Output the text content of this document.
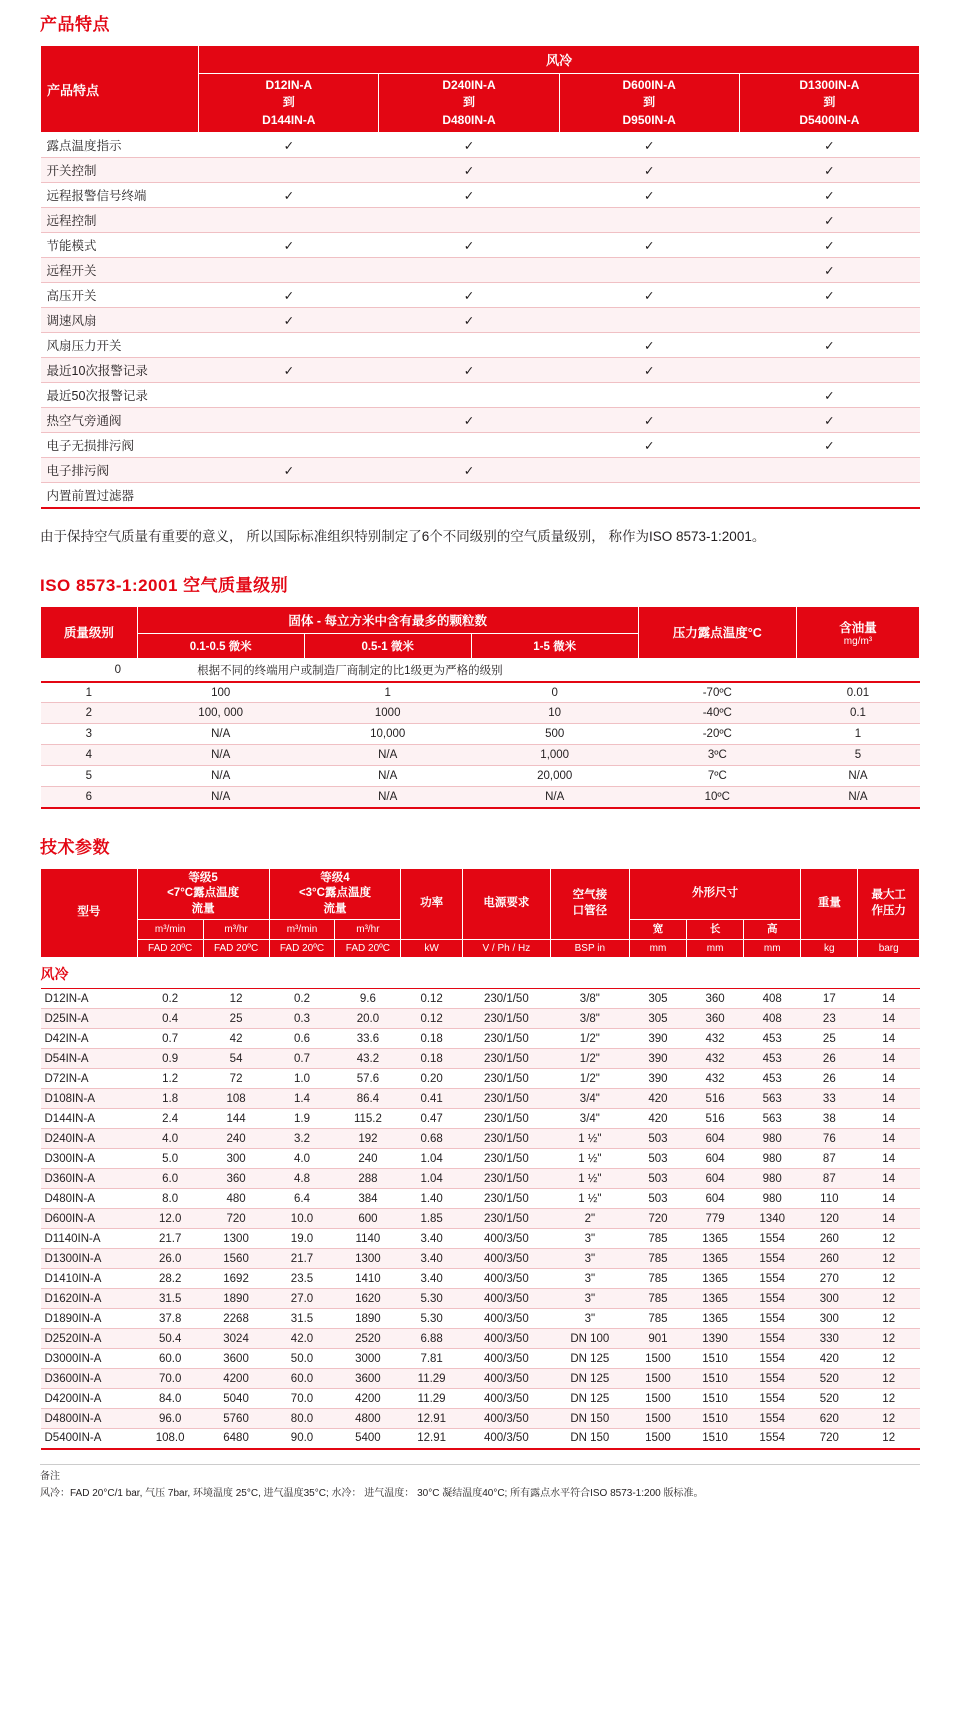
产品特点
产品特点	风冷			

D12IN-A
到
D144IN-A

D240IN-A
到
D480IN-A

D600IN-A
到
D950IN-A

D1300IN-A
到
D5400IN-A

露点温度指示	✓	✓	✓	✓
开关控制		✓	✓	✓
远程报警信号终端	✓	✓	✓	✓
远程控制				✓
节能模式	✓	✓	✓	✓
远程开关				✓
高压开关	✓	✓	✓	✓
调速风扇	✓	✓		
风扇压力开关			✓	✓
最近10次报警记录	✓	✓	✓	
最近50次报警记录				✓
热空气旁通阀		✓	✓	✓
电子无损排污阀			✓	✓
电子排污阀	✓	✓		
内置前置过滤器				

由于保持空气质量有重要的意义， 所以国际标准组织特别制定了6个不同级别的空气质量级别， 称作为ISO 8573-1:2001。

ISO 8573-1:2001 空气质量级别
质量级别	固体 - 每立方米中含有最多的颗粒数			压力露点温度°C	含油量
mg/m³

	0.1-0.5 微米	0.5-1 微米	1-5 微米		
0	根据不同的终端用户或制造厂商制定的比1级更为严格的级别				
1	100	1	0	-70ºC	0.01
2	100, 000	1000	10	-40ºC	0.1
3	N/A	10,000	500	-20ºC	1
4	N/A	N/A	1,000	3ºC	5
5	N/A	N/A	20,000	7ºC	N/A
6	N/A	N/A	N/A	10ºC	N/A
技术参数
型号	
等级5
<7°C露点温度
流量

等级4
<3°C露点温度
流量	功率	电源要求	
空气接
口管径

外形尺寸
	重量	
最大工
作压力

	m³/min	m³/hr	m³/min	m³/hr				宽	长	高		
	FAD 20ºC	FAD 20ºC	FAD 20ºC	FAD 20ºC	kW	V / Ph / Hz	BSP in	mm	mm	mm	kg	barg
风冷												
D12IN-A	0.2	12	0.2	9.6	0.12	230/1/50	3/8"	305	360	408	17	14
D25IN-A	0.4	25	0.3	20.0	0.12	230/1/50	3/8"	305	360	408	23	14
D42IN-A	0.7	42	0.6	33.6	0.18	230/1/50	1/2"	390	432	453	25	14
D54IN-A	0.9	54	0.7	43.2	0.18	230/1/50	1/2"	390	432	453	26	14
D72IN-A	1.2	72	1.0	57.6	0.20	230/1/50	1/2"	390	432	453	26	14
D108IN-A	1.8	108	1.4	86.4	0.41	230/1/50	3/4"	420	516	563	33	14
D144IN-A	2.4	144	1.9	115.2	0.47	230/1/50	3/4"	420	516	563	38	14
D240IN-A	4.0	240	3.2	192	0.68	230/1/50	1 ½"	503	604	980	76	14
D300IN-A	5.0	300	4.0	240	1.04	230/1/50	1 ½"	503	604	980	87	14
D360IN-A	6.0	360	4.8	288	1.04	230/1/50	1 ½"	503	604	980	87	14
D480IN-A	8.0	480	6.4	384	1.40	230/1/50	1 ½"	503	604	980	110	14
D600IN-A	12.0	720	10.0	600	1.85	230/1/50	2"	720	779	1340	120	14
D1140IN-A	21.7	1300	19.0	1140	3.40	400/3/50	3"	785	1365	1554	260	12
D1300IN-A	26.0	1560	21.7	1300	3.40	400/3/50	3"	785	1365	1554	260	12
D1410IN-A	28.2	1692	23.5	1410	3.40	400/3/50	3"	785	1365	1554	270	12
D1620IN-A	31.5	1890	27.0	1620	5.30	400/3/50	3"	785	1365	1554	300	12
D1890IN-A	37.8	2268	31.5	1890	5.30	400/3/50	3"	785	1365	1554	300	12
D2520IN-A	50.4	3024	42.0	2520	6.88	400/3/50	DN 100	901	1390	1554	330	12
D3000IN-A	60.0	3600	50.0	3000	7.81	400/3/50	DN 125	1500	1510	1554	420	12
D3600IN-A	70.0	4200	60.0	3600	11.29	400/3/50	DN 125	1500	1510	1554	520	12
D4200IN-A	84.0	5040	70.0	4200	11.29	400/3/50	DN 125	1500	1510	1554	520	12
D4800IN-A	96.0	5760	80.0	4800	12.91	400/3/50	DN 150	1500	1510	1554	620	12
D5400IN-A	108.0	6480	90.0	5400	12.91	400/3/50	DN 150	1500	1510	1554	720	12
备注
风冷：FAD 20°C/1 bar, 气压 7bar, 环境温度 25°C, 进气温度35°C; 水冷： 进气温度： 30°C 凝结温度40°C; 所有露点水平符合ISO 8573-1:200 版标准。
